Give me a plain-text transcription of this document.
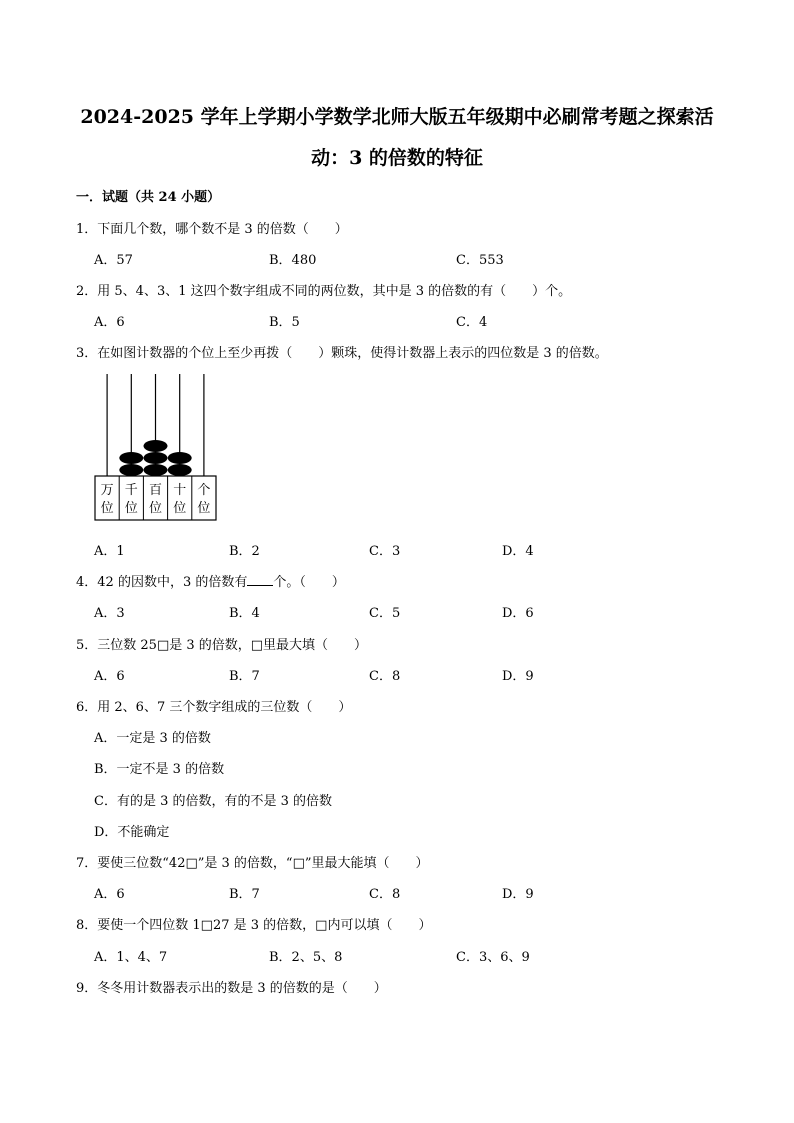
2024-2025 学年上学期小学数学北师大版五年级期中必刷常考题之探索活
动：3 的倍数的特征
一．试题（共 24 小题）
1．下面几个数，哪个数不是 3 的倍数（　　）
A．57	B．480	C．553
2．用 5、4、3、1 这四个数字组成不同的两位数，其中是 3 的倍数的有（　　）个。
A．6	B．5	C．4
3．在如图计数器的个位上至少再拨（　　）颗珠，使得计数器上表示的四位数是 3 的倍数。
万
位
千
位
百
位
十
位
个
位
A．1	B．2	C．3	D．4
4．42 的因数中，3 的倍数有 个。（　　）
A．3	B．4	C．5	D．6
5．三位数 25□是 3 的倍数，□里最大填（　　）
A．6	B．7	C．8	D．9
6．用 2、6、7 三个数字组成的三位数（　　）
A．一定是 3 的倍数
B．一定不是 3 的倍数
C．有的是 3 的倍数，有的不是 3 的倍数
D．不能确定
7．要使三位数“42□”是 3 的倍数，“□”里最大能填（　　）
A．6	B．7	C．8	D．9
8．要使一个四位数 1□27 是 3 的倍数，□内可以填（　　）
A．1、4、7	B．2、5、8	C．3、6、9
9．冬冬用计数器表示出的数是 3 的倍数的是（　　）
